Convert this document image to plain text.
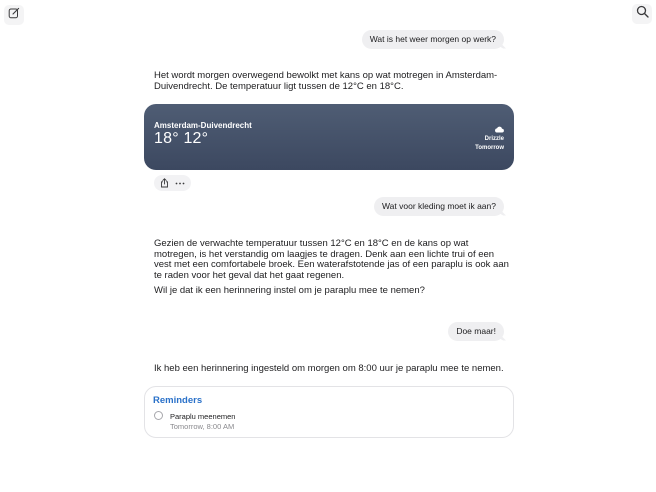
Wat is het weer morgen op werk?

Het wordt morgen overwegend bewolkt met kans op wat motregen in Amsterdam-Duivendrecht. De temperatuur ligt tussen de 12°C en 18°C.

Amsterdam-Duivendrecht
18° 12°	Drizzle
Tomorrow
Wat voor kleding moet ik aan?

Gezien de verwachte temperatuur tussen 12°C en 18°C en de kans op wat motregen, is het verstandig om laagjes te dragen. Denk aan een lichte trui of een vest met een comfortabele broek. Een waterafstotende jas of een paraplu is ook aan te raden voor het geval dat het gaat regenen.

Wil je dat ik een herinnering instel om je paraplu mee te nemen?

Doe maar!

Ik heb een herinnering ingesteld om morgen om 8:00 uur je paraplu mee te nemen.

Reminders
Paraplu meenemen
Tomorrow, 8:00 AM
